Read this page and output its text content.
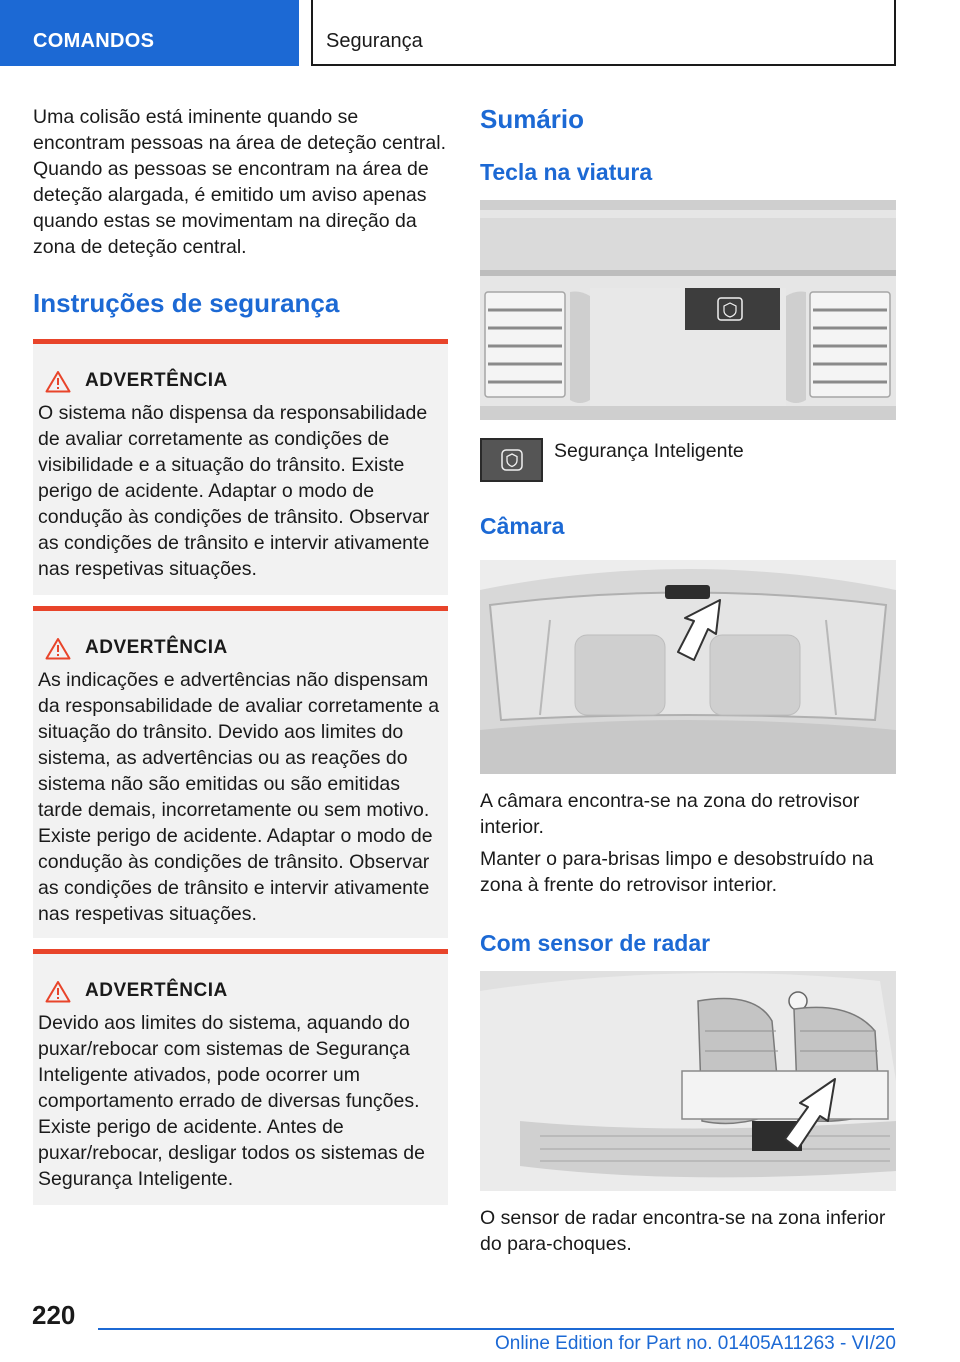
COMANDOS	Segurança

Uma colisão está iminente quando se encontram pessoas na área de deteção central. Quando as pessoas se encontram na área de deteção alargada, é emitido um aviso apenas quando estas se movimentam na direção da zona de deteção central.

Instruções de segurança
ADVERTÊNCIA

O sistema não dispensa da responsabilidade de avaliar corretamente as condições de visibilidade e a situação do trânsito. Existe perigo de acidente. Adaptar o modo de condução às condições de trânsito. Observar as condições de trânsito e intervir ativamente nas respetivas situações.

ADVERTÊNCIA

As indicações e advertências não dispensam da responsabilidade de avaliar corretamente a situação do trânsito. Devido aos limites do sistema, as advertências ou as reações do sistema não são emitidas ou são emitidas tarde demais, incorretamente ou sem motivo. Existe perigo de acidente. Adaptar o modo de condução às condições de trânsito. Observar as condições de trânsito e intervir ativamente nas respetivas situações.

ADVERTÊNCIA

Devido aos limites do sistema, aquando do puxar/rebocar com sistemas de Segurança Inteligente ativados, pode ocorrer um comportamento errado de diversas funções. Existe perigo de acidente. Antes de puxar/rebocar, desligar todos os sistemas de Segurança Inteligente.

Sumário
Tecla na viatura
Segurança Inteligente
Câmara

A câmara encontra-se na zona do retrovisor interior.

Manter o para-brisas limpo e desobstruído na zona à frente do retrovisor interior.

Com sensor de radar

O sensor de radar encontra-se na zona inferior do para-choques.

220
Online Edition for Part no. 01405A11263 - VI/20
